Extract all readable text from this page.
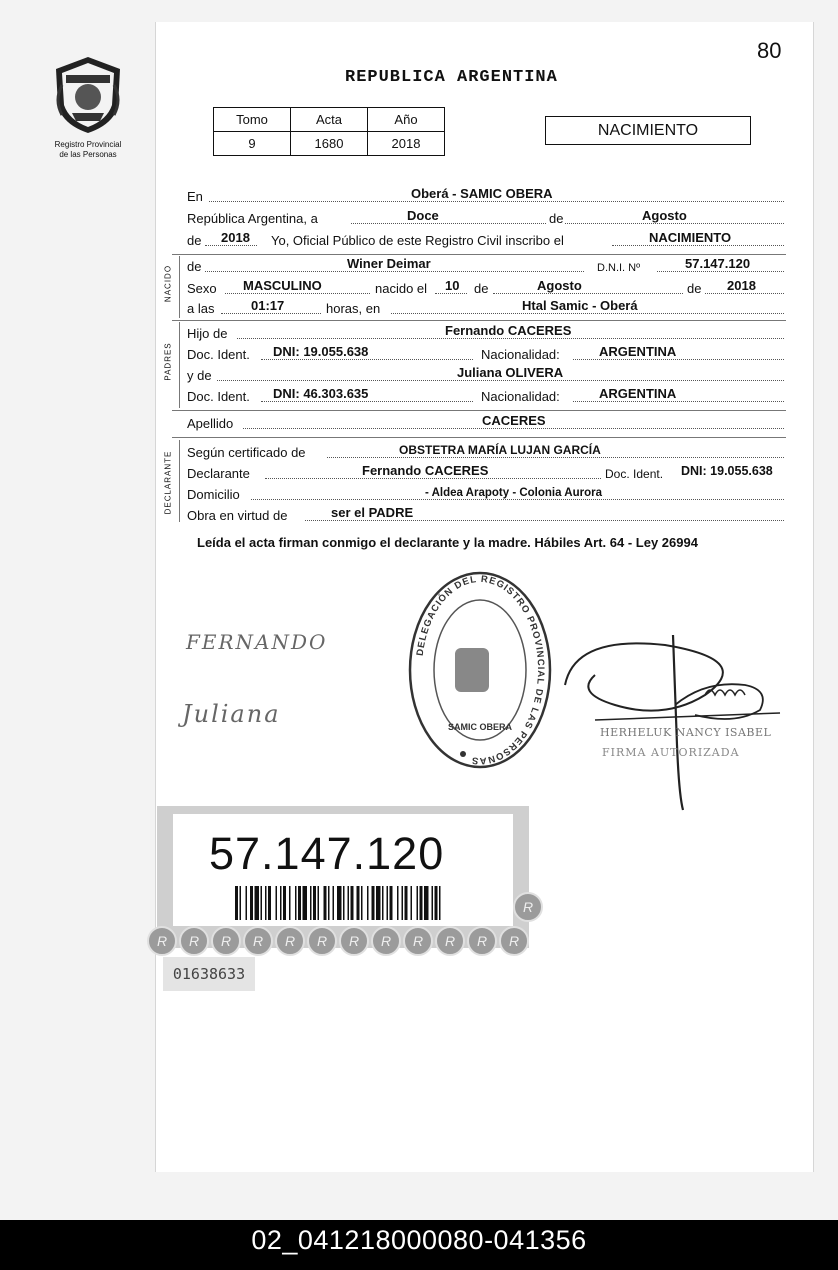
80
Registro Provincial
de las Personas
REPUBLICA ARGENTINA
Tomo	Acta	Año
9	1680	2018
NACIMIENTO
En	Oberá - SAMIC OBERA
República Argentina, a	Doce	de	Agosto
de 2018 Yo, Oficial Público de este Registro Civil inscribo el	NACIMIENTO
NACIDO de	Winer Deimar	D.N.I. Nº	57.147.120
Sexo MASCULINO	nacido el 10 de	Agosto	de 2018
a las	01:17	horas, en	Htal Samic - Oberá
PADRES
Hijo de	Fernando CACERES
Doc. Ident. DNI: 19.055.638	Nacionalidad:	ARGENTINA
y de	Juliana OLIVERA
Doc. Ident. DNI: 46.303.635	Nacionalidad:	ARGENTINA
Apellido	CACERES
DECLARANTE Según certificado de	OBSTETRA MARÍA LUJAN GARCÍA
Declarante	Fernando CACERES	Doc. Ident. DNI: 19.055.638
Domicilio	- Aldea Arapoty - Colonia Aurora
Obra en virtud de	ser el PADRE
Leída el acta firman conmigo el declarante y la madre. Hábiles Art. 64 - Ley 26994
DELEGACIÓN DEL REGISTRO PROVINCIAL DE LAS PERSONAS
SAMIC OBERA
FERNANDO
Juliana
HERHELUK NANCY ISABEL
FIRMA AUTORIZADA
57.147.120
R	R	R	R	R	R	R	R	R	R	R	R
R
01638633
02_041218000080-041356
